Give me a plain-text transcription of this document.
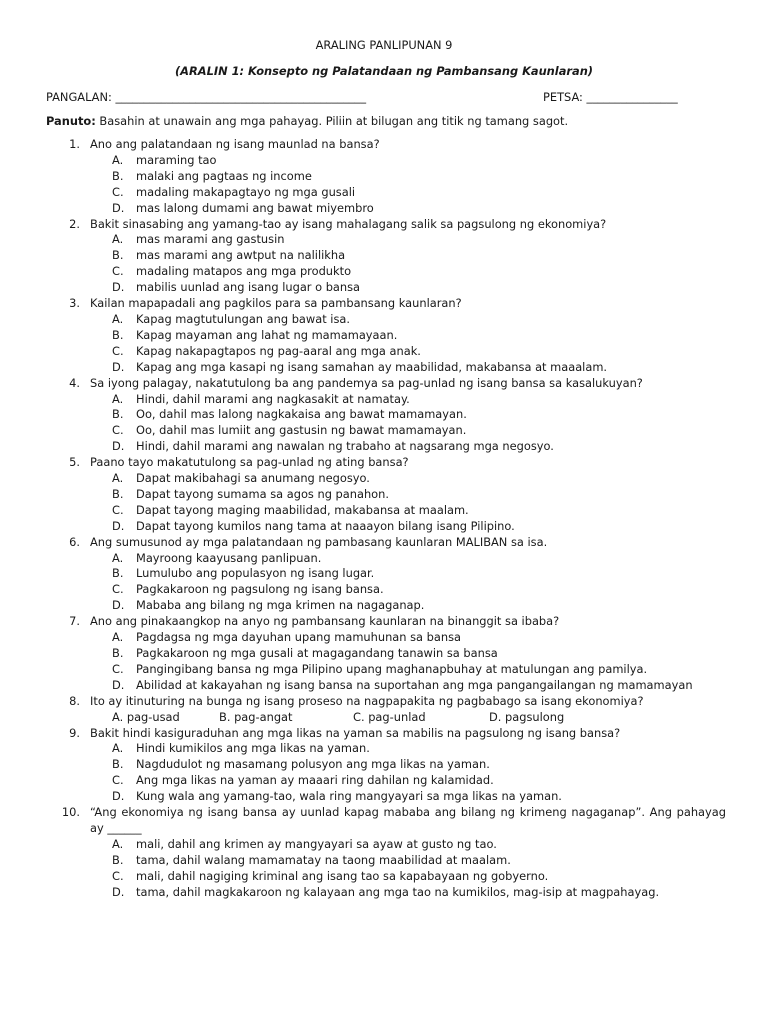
ARALING PANLIPUNAN 9
(ARALIN 1: Konsepto ng Palatandaan ng Pambansang Kaunlaran)
PANGALAN: ____________________________________________	PETSA: ________________
Panuto: Basahin at unawain ang mga pahayag. Piliin at bilugan ang titik ng tamang sagot.
1. Ano ang palatandaan ng isang maunlad na bansa?
A.	maraming tao
B.	malaki ang pagtaas ng income
C.	madaling makapagtayo ng mga gusali
D.	mas lalong dumami ang bawat miyembro
2. Bakit sinasabing ang yamang-tao ay isang mahalagang salik sa pagsulong ng ekonomiya?
A.	mas marami ang gastusin
B.	mas marami ang awtput na nalilikha
C.	madaling matapos ang mga produkto
D.	mabilis uunlad ang isang lugar o bansa
3. Kailan mapapadali ang pagkilos para sa pambansang kaunlaran?
A.	Kapag magtutulungan ang bawat isa.
B.	Kapag mayaman ang lahat ng mamamayaan.
C.	Kapag nakapagtapos ng pag-aaral ang mga anak.
D.	Kapag ang mga kasapi ng isang samahan ay maabilidad, makabansa at maaalam.
4. Sa iyong palagay, nakatutulong ba ang pandemya sa pag-unlad ng isang bansa sa kasalukuyan?
A.	Hindi, dahil marami ang nagkasakit at namatay.
B.	Oo, dahil mas lalong nagkakaisa ang bawat mamamayan.
C.	Oo, dahil mas lumiit ang gastusin ng bawat mamamayan.
D.	Hindi, dahil marami ang nawalan ng trabaho at nagsarang mga negosyo.
5. Paano tayo makatutulong sa pag-unlad ng ating bansa?
A.	Dapat makibahagi sa anumang negosyo.
B.	Dapat tayong sumama sa agos ng panahon.
C.	Dapat tayong maging maabilidad, makabansa at maalam.
D.	Dapat tayong kumilos nang tama at naaayon bilang isang Pilipino.
6. Ang sumusunod ay mga palatandaan ng pambasang kaunlaran MALIBAN sa isa.
A.	Mayroong kaayusang panlipuan.
B.	Lumulubo ang populasyon ng isang lugar.
C.	Pagkakaroon ng pagsulong ng isang bansa.
D.	Mababa ang bilang ng mga krimen na nagaganap.
7. Ano ang pinakaangkop na anyo ng pambansang kaunlaran na binanggit sa ibaba?
A.	Pagdagsa ng mga dayuhan upang mamuhunan sa bansa
B.	Pagkakaroon ng mga gusali at magagandang tanawin sa bansa
C.	Pangingibang bansa ng mga Pilipino upang maghanapbuhay at matulungan ang pamilya.
D.	Abilidad at kakayahan ng isang bansa na suportahan ang mga pangangailangan ng mamamayan
8. Ito ay itinuturing na bunga ng isang proseso na nagpapakita ng pagbabago sa isang ekonomiya?
A. pag-usad	B. pag-angat	C. pag-unlad	D. pagsulong
9. Bakit hindi kasiguraduhan ang mga likas na yaman sa mabilis na pagsulong ng isang bansa?
A.	Hindi kumikilos ang mga likas na yaman.
B.	Nagdudulot ng masamang polusyon ang mga likas na yaman.
C.	Ang mga likas na yaman ay maaari ring dahilan ng kalamidad.
D.	Kung wala ang yamang-tao, wala ring mangyayari sa mga likas na yaman.
10. “Ang ekonomiya ng isang bansa ay uunlad kapag mababa ang bilang ng krimeng nagaganap”. Ang pahayag ay ______
A.	mali, dahil ang krimen ay mangyayari sa ayaw at gusto ng tao.
B.	tama, dahil walang mamamatay na taong maabilidad at maalam.
C.	mali, dahil nagiging kriminal ang isang tao sa kapabayaan ng gobyerno.
D.	tama, dahil magkakaroon ng kalayaan ang mga tao na kumikilos, mag-isip at magpahayag.
